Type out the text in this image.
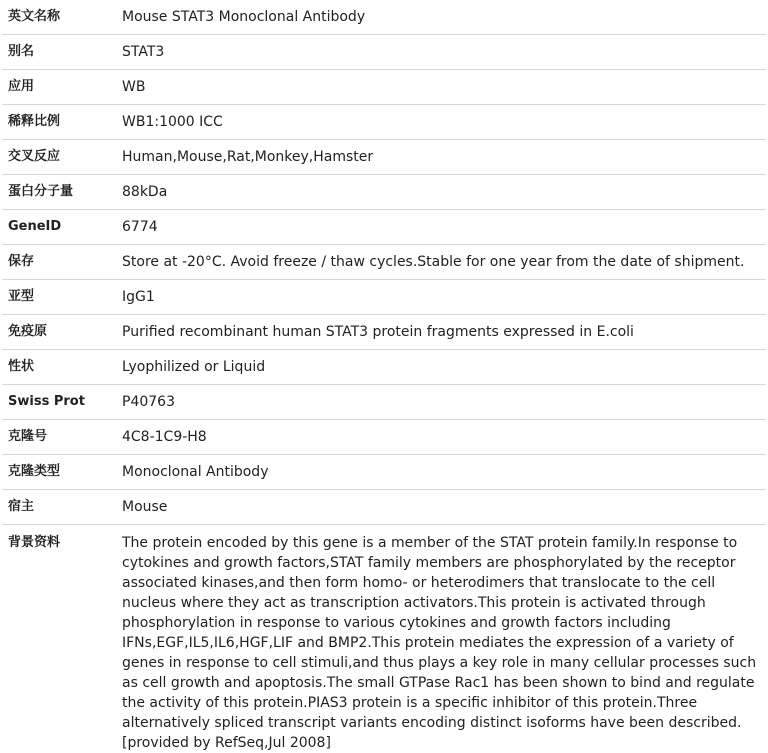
英文名称	Mouse STAT3 Monoclonal Antibody
别名	STAT3
应用	WB
稀释比例	WB1:1000 ICC
交叉反应	Human,Mouse,Rat,Monkey,Hamster
蛋白分子量	88kDa
GeneID	6774
保存	Store at -20°C. Avoid freeze / thaw cycles.Stable for one year from the date of shipment.
亚型	IgG1
免疫原	Purified recombinant human STAT3 protein fragments expressed in E.coli
性状	Lyophilized or Liquid
Swiss Prot	P40763
克隆号	4C8-1C9-H8
克隆类型	Monoclonal Antibody
宿主	Mouse
背景资料	The protein encoded by this gene is a member of the STAT protein family.In response to cytokines and growth factors,STAT family members are phosphorylated by the receptor associated kinases,and then form homo- or heterodimers that translocate to the cell nucleus where they act as transcription activators.This protein is activated through phosphorylation in response to various cytokines and growth factors including IFNs,EGF,IL5,IL6,HGF,LIF and BMP2.This protein mediates the expression of a variety of genes in response to cell stimuli,and thus plays a key role in many cellular processes such as cell growth and apoptosis.The small GTPase Rac1 has been shown to bind and regulate the activity of this protein.PIAS3 protein is a specific inhibitor of this protein.Three alternatively spliced transcript variants encoding distinct isoforms have been described.[provided by RefSeq,Jul 2008]
